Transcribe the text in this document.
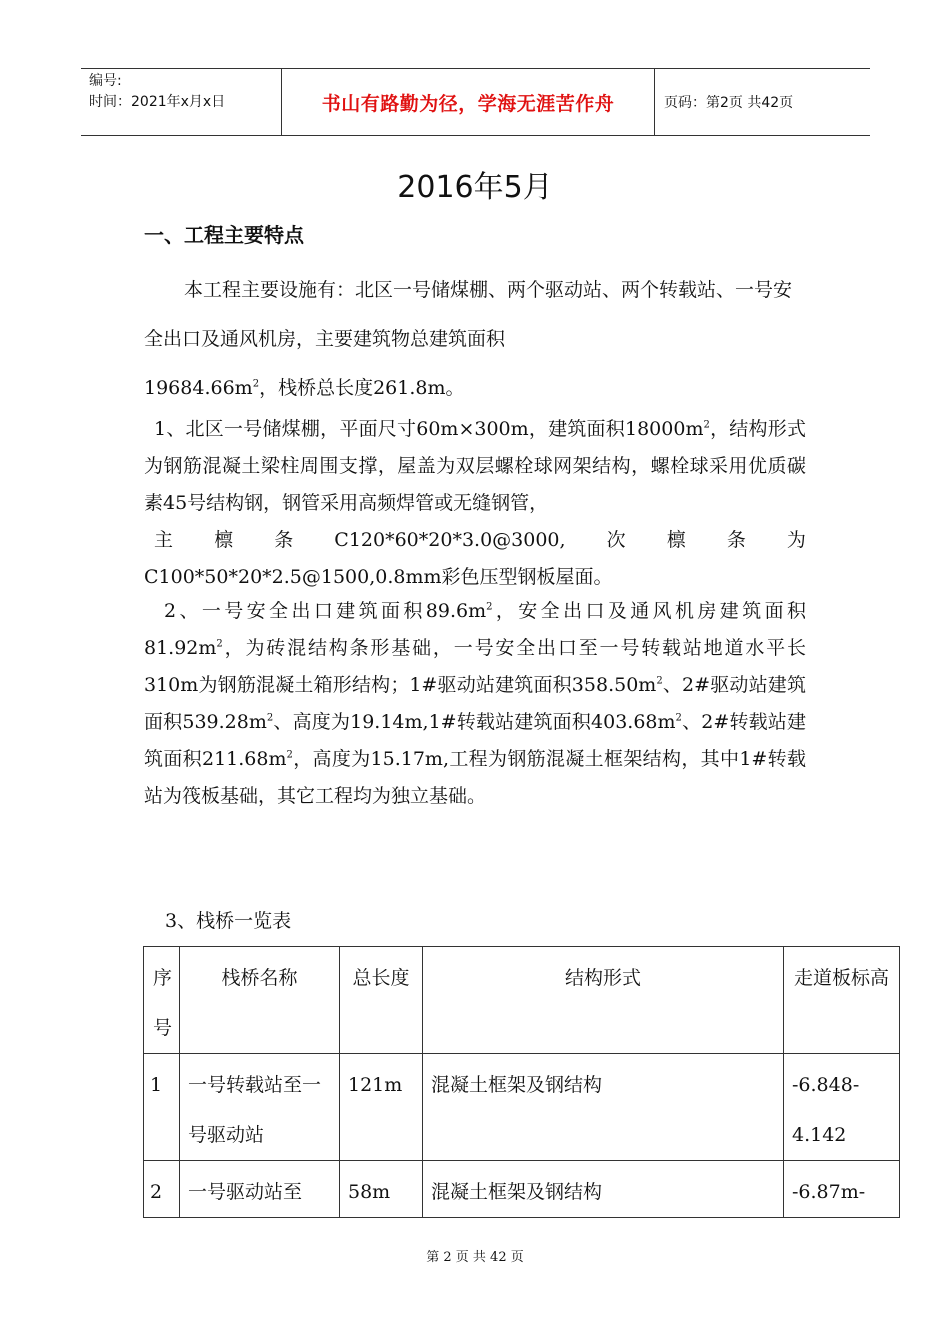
编号:
时间：2021年x月x日	书山有路勤为径，学海无涯苦作舟	页码：第2页 共42页
2016年5月
一、工程主要特点

本工程主要设施有：北区一号储煤棚、两个驱动站、两个转载站、一号安全出口及通风机房，主要建筑物总建筑面积
$19684.66m^2$，栈桥总长度261.8m。

1、北区一号储煤棚，平面尺寸60m×300m，建筑面积$18000m^2$，结构形式为钢筋混凝土梁柱周围支撑，屋盖为双层螺栓球网架结构，螺栓球采用优质碳素45号结构钢，钢管采用高频焊管或无缝钢管，
主	檩	条	C120*60*20*3.0@3000,	次	檩	条	为
C100*50*20*2.5@1500,0.8mm彩色压型钢板屋面。

2、一号安全出口建筑面积$89.6m^2$，安全出口及通风机房建筑面积$81.92m^2$，为砖混结构条形基础，一号安全出口至一号转载站地道水平长310m为钢筋混凝土箱形结构；1#驱动站建筑面积$358.50m^2$、2#驱动站建筑面积$539.28m^2$、高度为19.14m,1#转载站建筑面积$403.68m^2$、2#转载站建筑面积$211.68m^2$，高度为15.17m,工程为钢筋混凝土框架结构，其中1#转载站为筏板基础，其它工程均为独立基础。

3、栈桥一览表
序号	栈桥名称	总长度	结构形式	走道板标高
1	一号转载站至一号驱动站	121m	混凝土框架及钢结构	-6.848-4.142
2	一号驱动站至	58m	混凝土框架及钢结构	-6.87m-
第 2 页 共 42 页
